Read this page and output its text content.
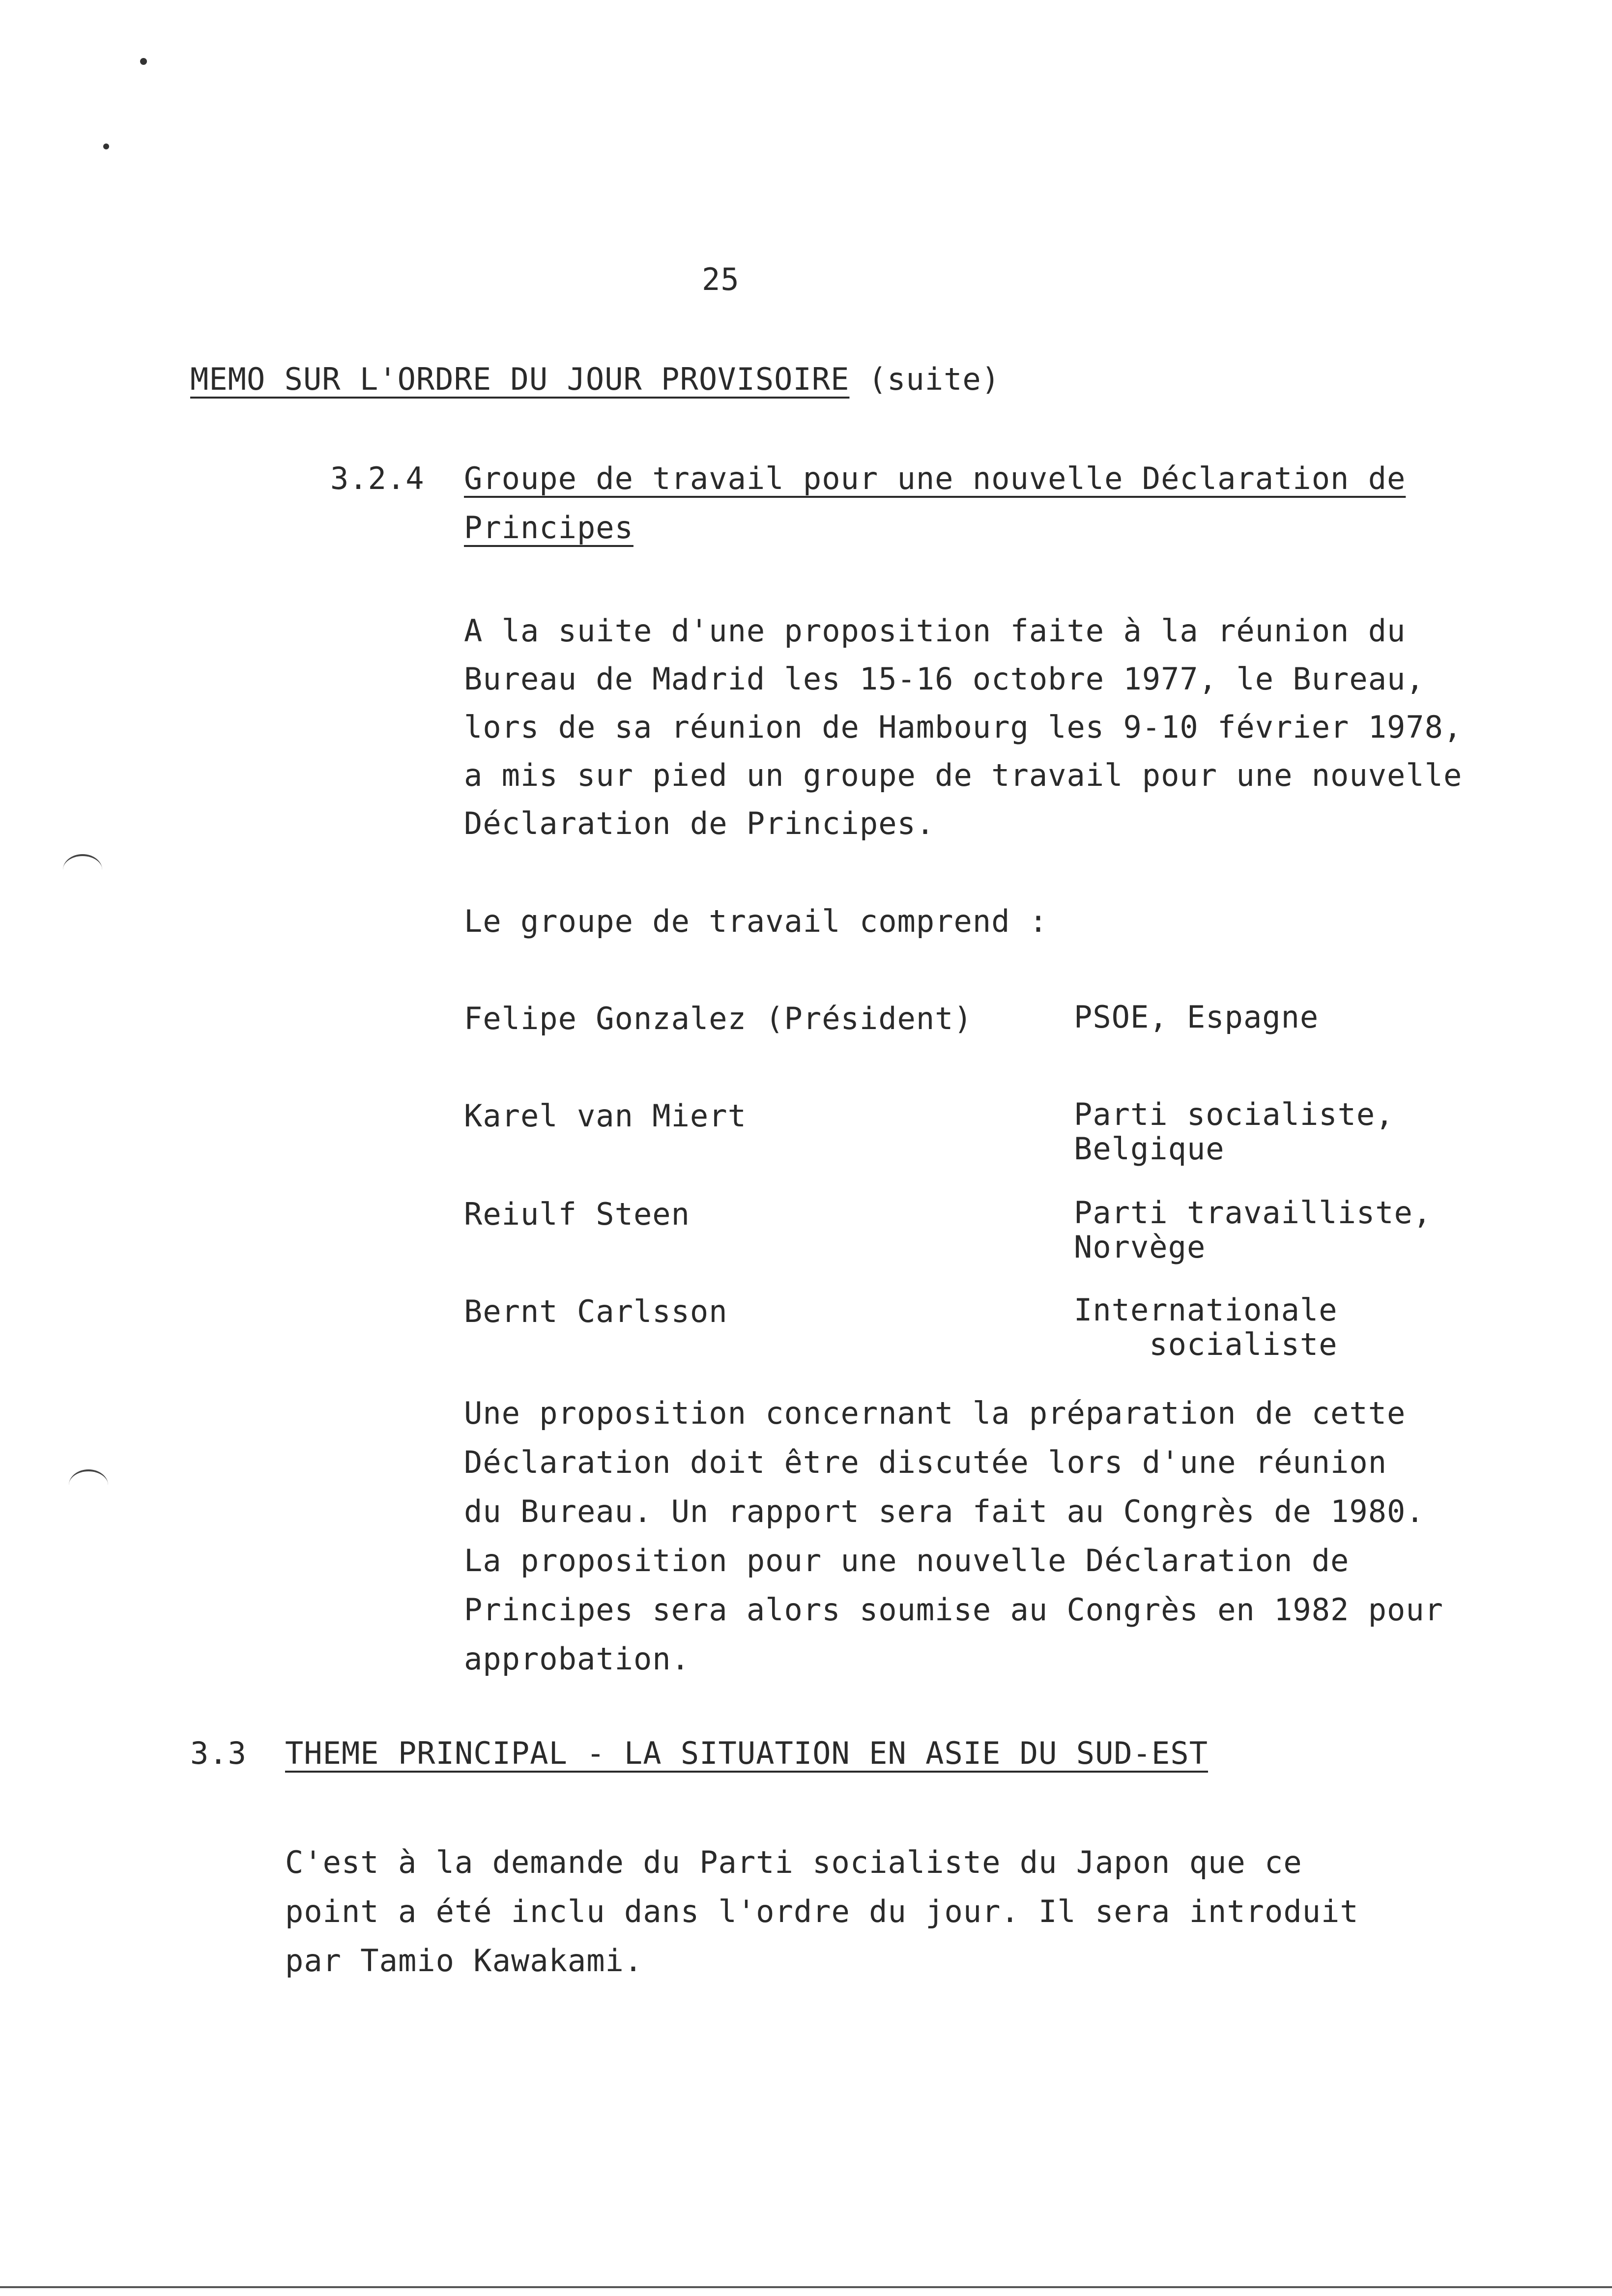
25
MEMO SUR L'ORDRE DU JOUR PROVISOIRE (suite)
3.2.4 Groupe de travail pour une nouvelle Déclaration de
Principes
A la suite d'une proposition faite à la réunion du
Bureau de Madrid les 15-16 octobre 1977, le Bureau,
lors de sa réunion de Hambourg les 9-10 février 1978,
a mis sur pied un groupe de travail pour une nouvelle
Déclaration de Principes.
Le groupe de travail comprend :
Felipe Gonzalez (Président)	PSOE, Espagne
Karel van Miert	Parti socialiste,
Belgique
Reiulf Steen	Parti travailliste,
Norvège
Bernt Carlsson	Internationale
socialiste
Une proposition concernant la préparation de cette
Déclaration doit être discutée lors d'une réunion
du Bureau. Un rapport sera fait au Congrès de 1980.
La proposition pour une nouvelle Déclaration de
Principes sera alors soumise au Congrès en 1982 pour
approbation.
3.3 THEME PRINCIPAL - LA SITUATION EN ASIE DU SUD-EST
C'est à la demande du Parti socialiste du Japon que ce
point a été inclu dans l'ordre du jour. Il sera introduit
par Tamio Kawakami.
